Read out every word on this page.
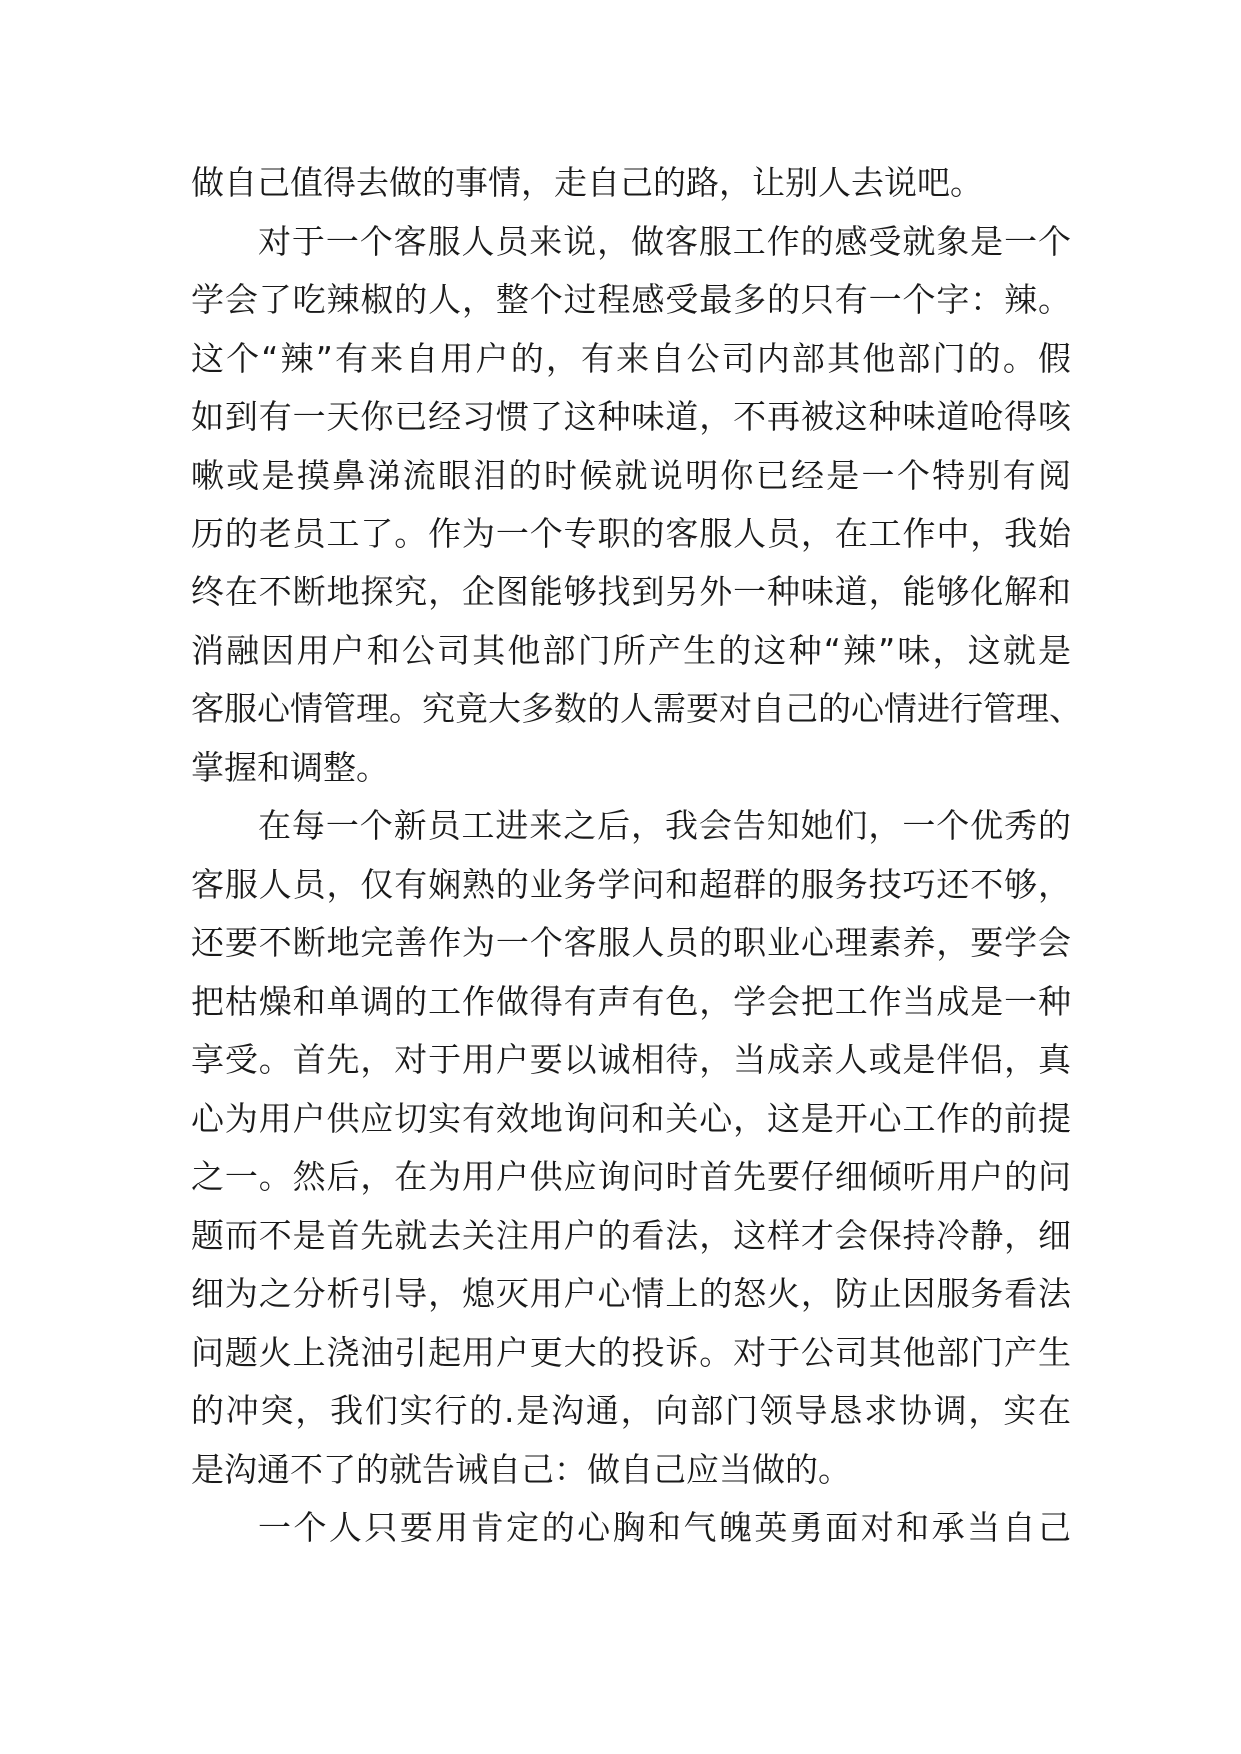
做自己值得去做的事情，走自己的路，让别人去说吧。
对于一个客服人员来说，做客服工作的感受就象是一个
学会了吃辣椒的人，整个过程感受最多的只有一个字：辣。
这个“辣”有来自用户的，有来自公司内部其他部门的。假
如到有一天你已经习惯了这种味道，不再被这种味道呛得咳
嗽或是摸鼻涕流眼泪的时候就说明你已经是一个特别有阅
历的老员工了。作为一个专职的客服人员，在工作中，我始
终在不断地探究，企图能够找到另外一种味道，能够化解和
消融因用户和公司其他部门所产生的这种“辣”味，这就是
客服心情管理。究竟大多数的人需要对自己的心情进行管理、
掌握和调整。
在每一个新员工进来之后，我会告知她们，一个优秀的
客服人员，仅有娴熟的业务学问和超群的服务技巧还不够，
还要不断地完善作为一个客服人员的职业心理素养，要学会
把枯燥和单调的工作做得有声有色，学会把工作当成是一种
享受。首先，对于用户要以诚相待，当成亲人或是伴侣，真
心为用户供应切实有效地询问和关心，这是开心工作的前提
之一。然后，在为用户供应询问时首先要仔细倾听用户的问
题而不是首先就去关注用户的看法，这样才会保持冷静，细
细为之分析引导，熄灭用户心情上的怒火，防止因服务看法
问题火上浇油引起用户更大的投诉。对于公司其他部门产生
的冲突，我们实行的.是沟通，向部门领导恳求协调，实在
是沟通不了的就告诫自己：做自己应当做的。
一个人只要用肯定的心胸和气魄英勇面对和承当自己
